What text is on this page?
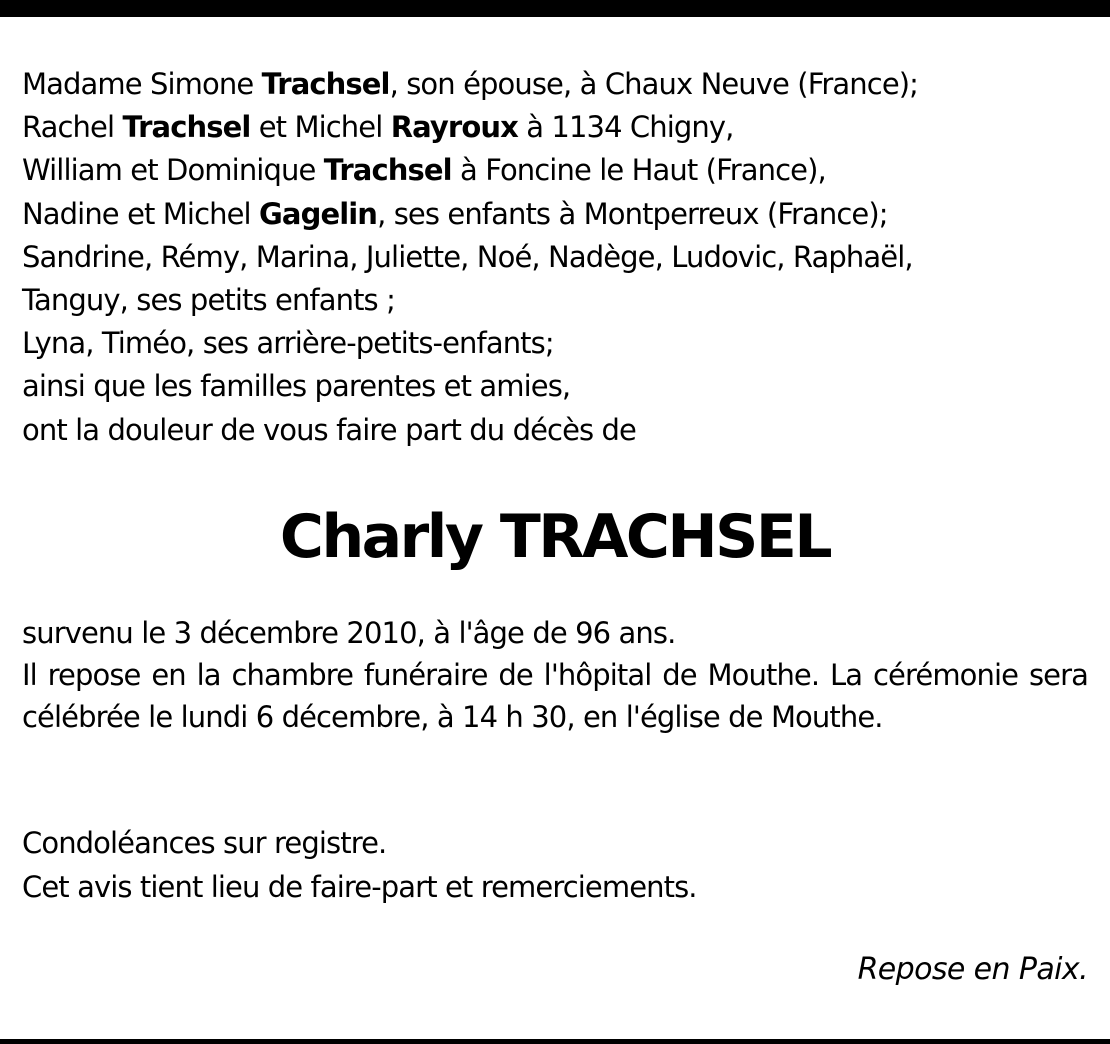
Madame Simone Trachsel, son épouse, à Chaux Neuve (France);
Rachel Trachsel et Michel Rayroux à 1134 Chigny,
William et Dominique Trachsel à Foncine le Haut (France),
Nadine et Michel Gagelin, ses enfants à Montperreux (France);
Sandrine, Rémy, Marina, Juliette, Noé, Nadège, Ludovic, Raphaël,
Tanguy, ses petits enfants ;
Lyna, Timéo, ses arrière-petits-enfants;
ainsi que les familles parentes et amies,
ont la douleur de vous faire part du décès de
Charly TRACHSEL
survenu le 3 décembre 2010, à l'âge de 96 ans.
Il repose en la chambre funéraire de l'hôpital de Mouthe. La cérémonie sera célébrée le lundi 6 décembre, à 14 h 30, en l'église de Mouthe.
Condoléances sur registre.
Cet avis tient lieu de faire-part et remerciements.
Repose en Paix.
